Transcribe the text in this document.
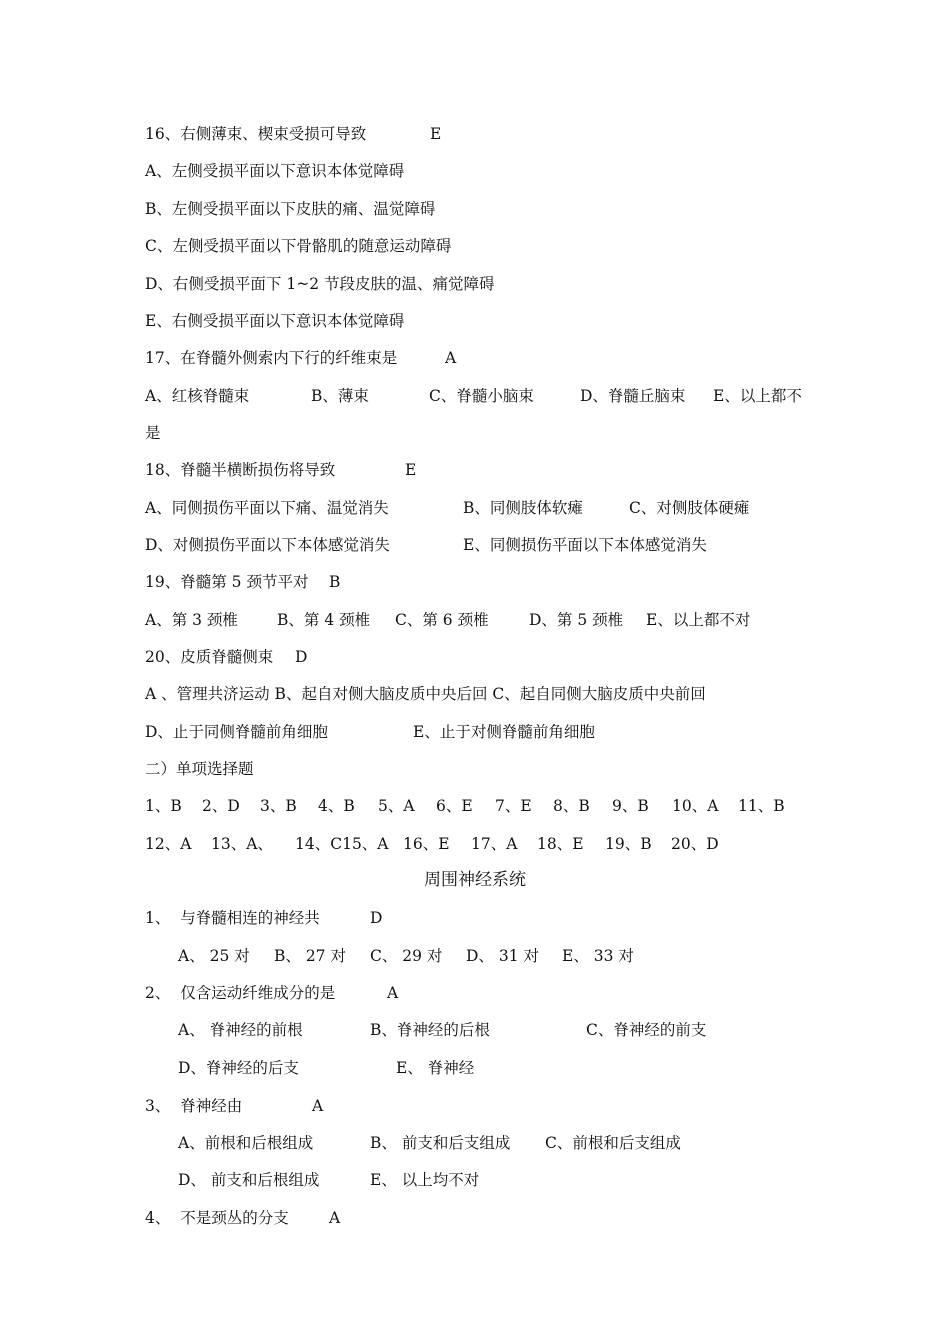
16、右侧薄束、楔束受损可导致

	E

A、左侧受损平面以下意识本体觉障碍
B、左侧受损平面以下皮肤的痛、温觉障碍
C、左侧受损平面以下骨骼肌的随意运动障碍
D、右侧受损平面下 1~2 节段皮肤的温、痛觉障碍
E、右侧受损平面以下意识本体觉障碍

17、在脊髓外侧索内下行的纤维束是

	A

A、红核脊髓束

	B、薄束

	C、脊髓小脑束

	D、脊髓丘脑束

E、以上都不

是

18、脊髓半横断损伤将导致

	E

A、同侧损伤平面以下痛、温觉消失

	B、同侧肢体软瘫

	C、对侧肢体硬瘫

D、对侧损伤平面以下本体感觉消失

	E、同侧损伤平面以下本体感觉消失

19、脊髓第 5 颈节平对

B

A、第 3 颈椎

	B、第 4 颈椎

C、第 6 颈椎

	D、第 5 颈椎

E、以上都不对

20、皮质脊髓侧束

D

A 、管理共济运动 B、起自对侧大脑皮质中央后回 C、起自同侧大脑皮质中央前回

D、止于同侧脊髓前角细胞

	E、止于对侧脊髓前角细胞

二）单项选择题

1、B

2、D

3、B

4、B

5、A

6、E

7、E

8、B

9、B

10、A

11、B

12、A

13、A、

14、C15、A

16、E

17、A

18、E

19、B

20、D

周围神经系统

1、  与脊髓相连的神经共

	D

A、 25 对

B、 27 对

C、 29 对

D、 31 对

E、 33 对

2、  仅含运动纤维成分的是

	A

A、 脊神经的前根

	B、脊神经的后根

	C、脊神经的前支

D、脊神经的后支

	E、 脊神经

3、  脊神经由

	A

A、前根和后根组成

	B、 前支和后支组成

C、前根和后支组成

D、 前支和后根组成

	E、 以上均不对

4、  不是颈丛的分支

	A
